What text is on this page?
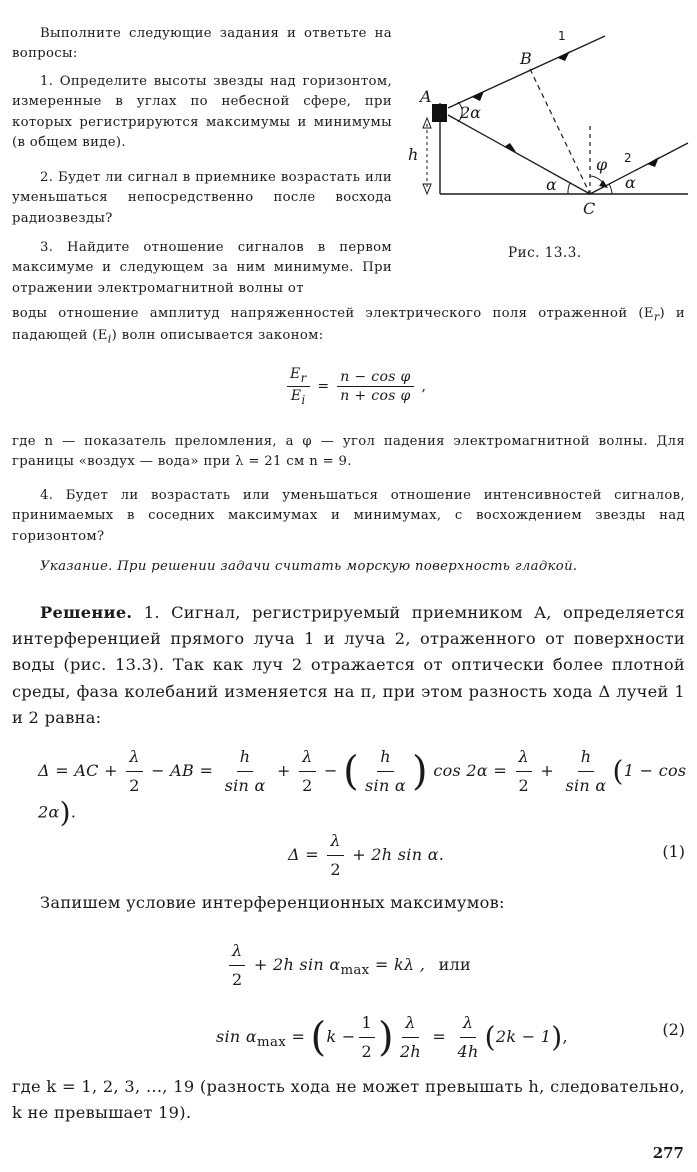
Выполните следующие задания и ответьте на вопросы:

1. Определите высоты звезды над горизонтом, измеренные в углах по небесной сфере, при которых регистрируются максимумы и минимумы (в общем виде).

2. Будет ли сигнал в приемнике возрастать или уменьшаться непосредственно после восхода радиозвезды?

3. Найдите отношение сигналов в первом максимуме и следующем за ним минимуме. При отражении электромагнитной волны от

A
B
C
h
2α
α	α
φ
1
2
Рис. 13.3.

воды отношение амплитуд напряженностей электрического поля отраженной $(E_r)$ и падающей $(E_i)$ волн описывается законом:

$\frac{E_r}{E_i} = \frac{\text{n − cos φ}}{\text{n + cos φ}}$ ,

где n — показатель преломления, а φ — угол падения электромагнитной волны. Для границы «воздух — вода» при λ = 21 см n = 9.

4. Будет ли возрастать или уменьшаться отношение интенсивностей сигналов, принимаемых в соседних максимумах и минимумах, с восхождением звезды над горизонтом?

Указание. При решении задачи считать морскую поверхность гладкой.

Решение. 1. Сигнал, регистрируемый приемником A, определяется интерференцией прямого луча 1 и луча 2, отраженного от поверхности воды (рис. 13.3). Так как луч 2 отражается от оптически более плотной среды, фаза колебаний изменяется на π, при этом разность хода Δ лучей 1 и 2 равна:

Δ = AC + $\frac{\lambda}{2}$ − AB = $\frac{h}{\text{sin α}} + \frac{\lambda}{2}$ − ( $\frac{h}{\text{sin α}}$ ) $\cos 2\alpha = \frac{\lambda}{2} + \frac{h}{\text{sin α}} (1 - \cos 2\alpha)$.
$\Delta = \frac{\lambda}{2} + 2h$ sin α.	(1)

Запишем условие интерференционных максимумов:

$\frac{\lambda}{2} + 2h$ $\sin \alpha_{max} = k\lambda$ , или
$\sin \alpha_{max} = (k - \frac{1}{2}$ ) $\frac{\lambda}{2h} = \frac{\lambda}{4h} (2k - 1)$,	(2)

где k = 1, 2, 3, ..., 19 (разность хода не может превышать h, следовательно, k не превышает 19).

277
